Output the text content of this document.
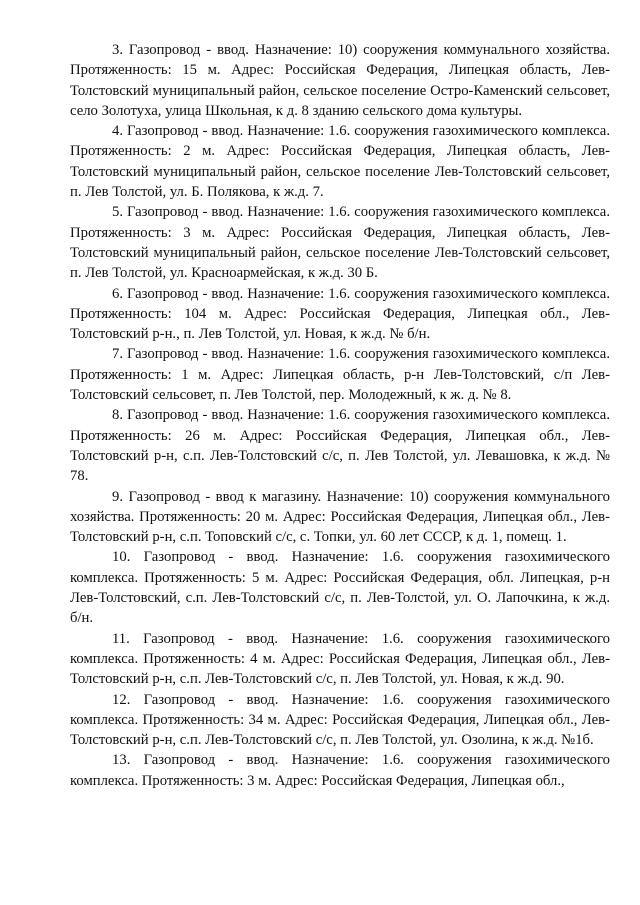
3. Газопровод - ввод. Назначение: 10) сооружения коммунального хозяйства. Протяженность: 15 м. Адрес: Российская Федерация, Липецкая область, Лев-Толстовский муниципальный район, сельское поселение Остро-Каменский сельсовет, село Золотуха, улица Школьная, к д. 8 зданию сельского дома культуры.

4. Газопровод - ввод. Назначение: 1.6. сооружения газохимического комплекса. Протяженность: 2 м. Адрес: Российская Федерация, Липецкая область, Лев-Толстовский муниципальный район, сельское поселение Лев-Толстовский сельсовет, п. Лев Толстой, ул. Б. Полякова, к ж.д. 7.

5. Газопровод - ввод. Назначение: 1.6. сооружения газохимического комплекса. Протяженность: 3 м. Адрес: Российская Федерация, Липецкая область, Лев-Толстовский муниципальный район, сельское поселение Лев-Толстовский сельсовет, п. Лев Толстой, ул. Красноармейская, к ж.д. 30 Б.

6. Газопровод - ввод. Назначение: 1.6. сооружения газохимического комплекса. Протяженность: 104 м. Адрес: Российская Федерация, Липецкая обл., Лев-Толстовский р-н., п. Лев Толстой, ул. Новая, к ж.д. № б/н.

7. Газопровод - ввод. Назначение: 1.6. сооружения газохимического комплекса. Протяженность: 1 м. Адрес: Липецкая область, р-н Лев-Толстовский, с/п Лев-Толстовский сельсовет, п. Лев Толстой, пер. Молодежный, к ж. д. № 8.

8. Газопровод - ввод. Назначение: 1.6. сооружения газохимического комплекса. Протяженность: 26 м. Адрес: Российская Федерация, Липецкая обл., Лев-Толстовский р-н, с.п. Лев-Толстовский с/с, п. Лев Толстой, ул. Левашовка, к ж.д. № 78.

9. Газопровод - ввод к магазину. Назначение: 10) сооружения коммунального хозяйства. Протяженность: 20 м. Адрес: Российская Федерация, Липецкая обл., Лев-Толстовский р-н, с.п. Топовский с/с, с. Топки, ул. 60 лет СССР, к д. 1, помещ. 1.

10. Газопровод - ввод. Назначение: 1.6. сооружения газохимического комплекса. Протяженность: 5 м. Адрес: Российская Федерация, обл. Липецкая, р-н Лев-Толстовский, с.п. Лев-Толстовский с/с, п. Лев-Толстой, ул. О. Лапочкина, к ж.д. б/н.

11. Газопровод - ввод. Назначение: 1.6. сооружения газохимического комплекса. Протяженность: 4 м. Адрес: Российская Федерация, Липецкая обл., Лев-Толстовский р-н, с.п. Лев-Толстовский с/с, п. Лев Толстой, ул. Новая, к ж.д. 90.

12. Газопровод - ввод. Назначение: 1.6. сооружения газохимического комплекса. Протяженность: 34 м. Адрес: Российская Федерация, Липецкая обл., Лев-Толстовский р-н, с.п. Лев-Толстовский с/с, п. Лев Толстой, ул. Озолина, к ж.д. №1б.

13. Газопровод - ввод. Назначение: 1.6. сооружения газохимического комплекса. Протяженность: 3 м. Адрес: Российская Федерация, Липецкая обл.,
